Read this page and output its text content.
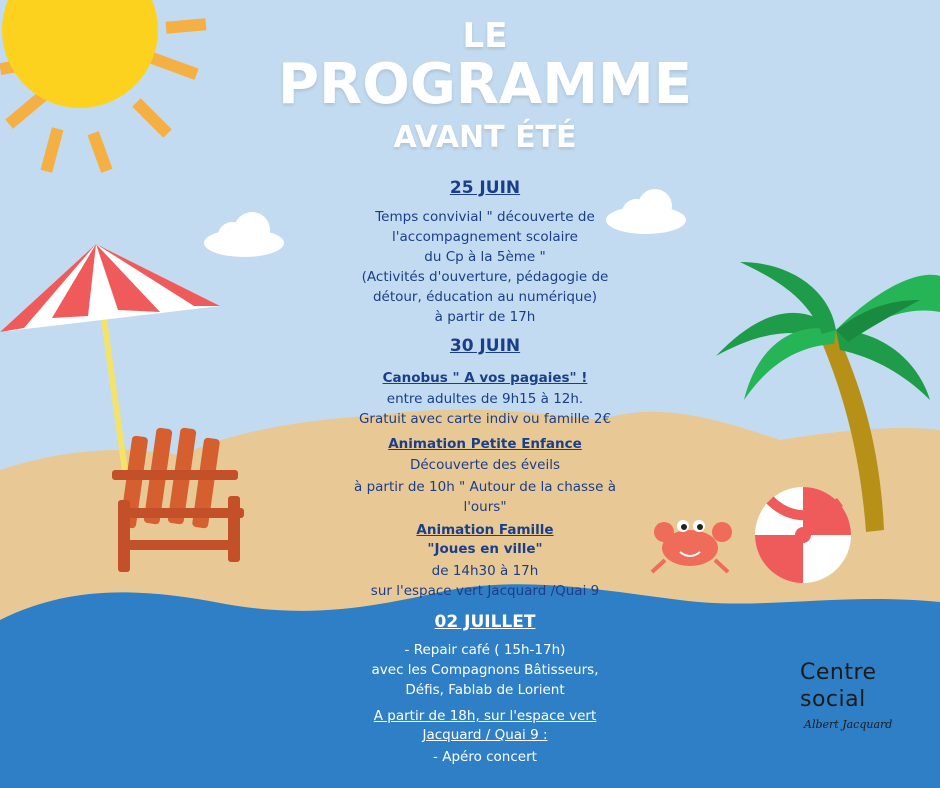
LE
PROGRAMME
AVANT ÉTÉ
25 JUIN
Temps convivial " découverte de
l'accompagnement scolaire
du Cp à la 5ème "
(Activités d'ouverture, pédagogie de
détour, éducation au numérique)
à partir de 17h
30 JUIN
Canobus " A vos pagaies" !
entre adultes de 9h15 à 12h.
Gratuit avec carte indiv ou famille 2€
Animation Petite Enfance
Découverte des éveils
à partir de 10h " Autour de la chasse à
l'ours"
Animation Famille
"Joues en ville"
de 14h30 à 17h
sur l'espace vert Jacquard /Quai 9
02 JUILLET
- Repair café ( 15h-17h)
avec les Compagnons Bâtisseurs,
Défis, Fablab de Lorient
A partir de 18h, sur l'espace vert
Jacquard / Quai 9 :
- Apéro concert
Centre
social
Albert Jacquard
